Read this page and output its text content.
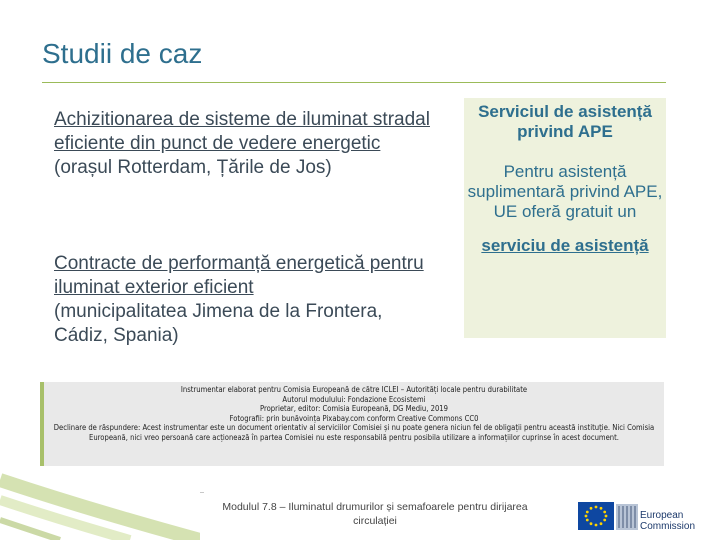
Studii de caz
Achizitionarea de sisteme de iluminat stradal eficiente din punct de vedere energetic
(orașul Rotterdam, Țările de Jos)
Contracte de performanță energetică pentru iluminat exterior eficient
(municipalitatea Jimena de la Frontera, Cádiz, Spania)
Serviciul de asistență privind APE
Pentru asistență suplimentară privind APE, UE oferă gratuit un
serviciu de asistență
Instrumentar elaborat pentru Comisia Europeană de către ICLEI – Autorități locale pentru durabilitate
Autorul modulului: Fondazione Ecosistemi
Proprietar, editor: Comisia Europeană, DG Mediu, 2019
Fotografii: prin bunăvoința Pixabay.com conform Creative Commons CC0
Declinare de răspundere: Acest instrumentar este un document orientativ al serviciilor Comisiei și nu poate genera niciun fel de obligații pentru această instituție. Nici Comisia Europeană, nici vreo persoană care acționează în partea Comisiei nu este responsabilă pentru posibila utilizare a informațiilor cuprinse în acest document.
Modulul 7.8 – Iluminatul drumurilor și semafoarele pentru dirijarea circulației	European
Commission
